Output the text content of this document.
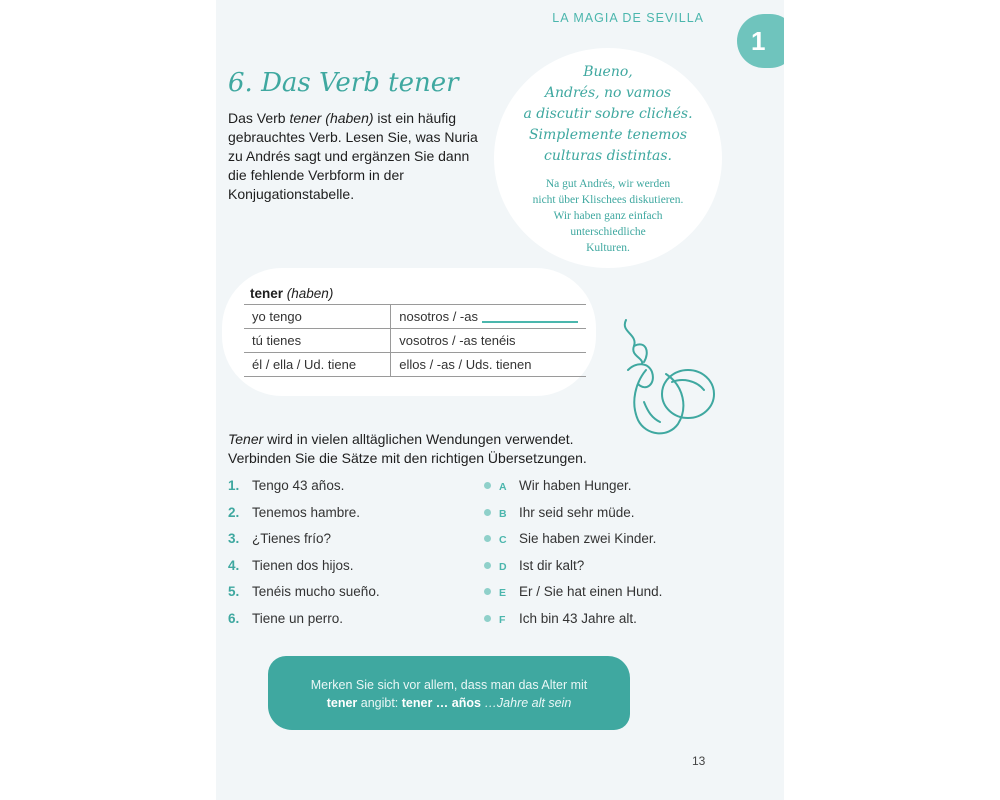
LA MAGIA DE SEVILLA
1
6. Das Verb tener

Das Verb tener (haben) ist ein häufig gebrauchtes Verb. Lesen Sie, was Nuria zu Andrés sagt und ergänzen Sie dann die fehlende Verbform in der Konjugationstabelle.

Bueno,
Andrés, no vamos
a discutir sobre clichés.
Simplemente tenemos
culturas distintas.

Na gut Andrés, wir werden
nicht über Klischees diskutieren.
Wir haben ganz einfach
unterschiedliche
Kulturen.

tener (haben)
yo tengo	nosotros / -as
tú tienes	vosotros / -as tenéis
él / ella / Ud. tiene	ellos / -as / Uds. tienen

Tener wird in vielen alltäglichen Wendungen verwendet. Verbinden Sie die Sätze mit den richtigen Übersetzungen.

1. Tengo 43 años.
2. Tenemos hambre.
3. ¿Tienes frío?
4. Tienen dos hijos.
5. Tenéis mucho sueño.
6. Tiene un perro.
A Wir haben Hunger.
B Ihr seid sehr müde.
C Sie haben zwei Kinder.
D Ist dir kalt?
E Er / Sie hat einen Hund.
F Ich bin 43 Jahre alt.

Merken Sie sich vor allem, dass man das Alter mit
tener angibt: tener … años …Jahre alt sein

13
